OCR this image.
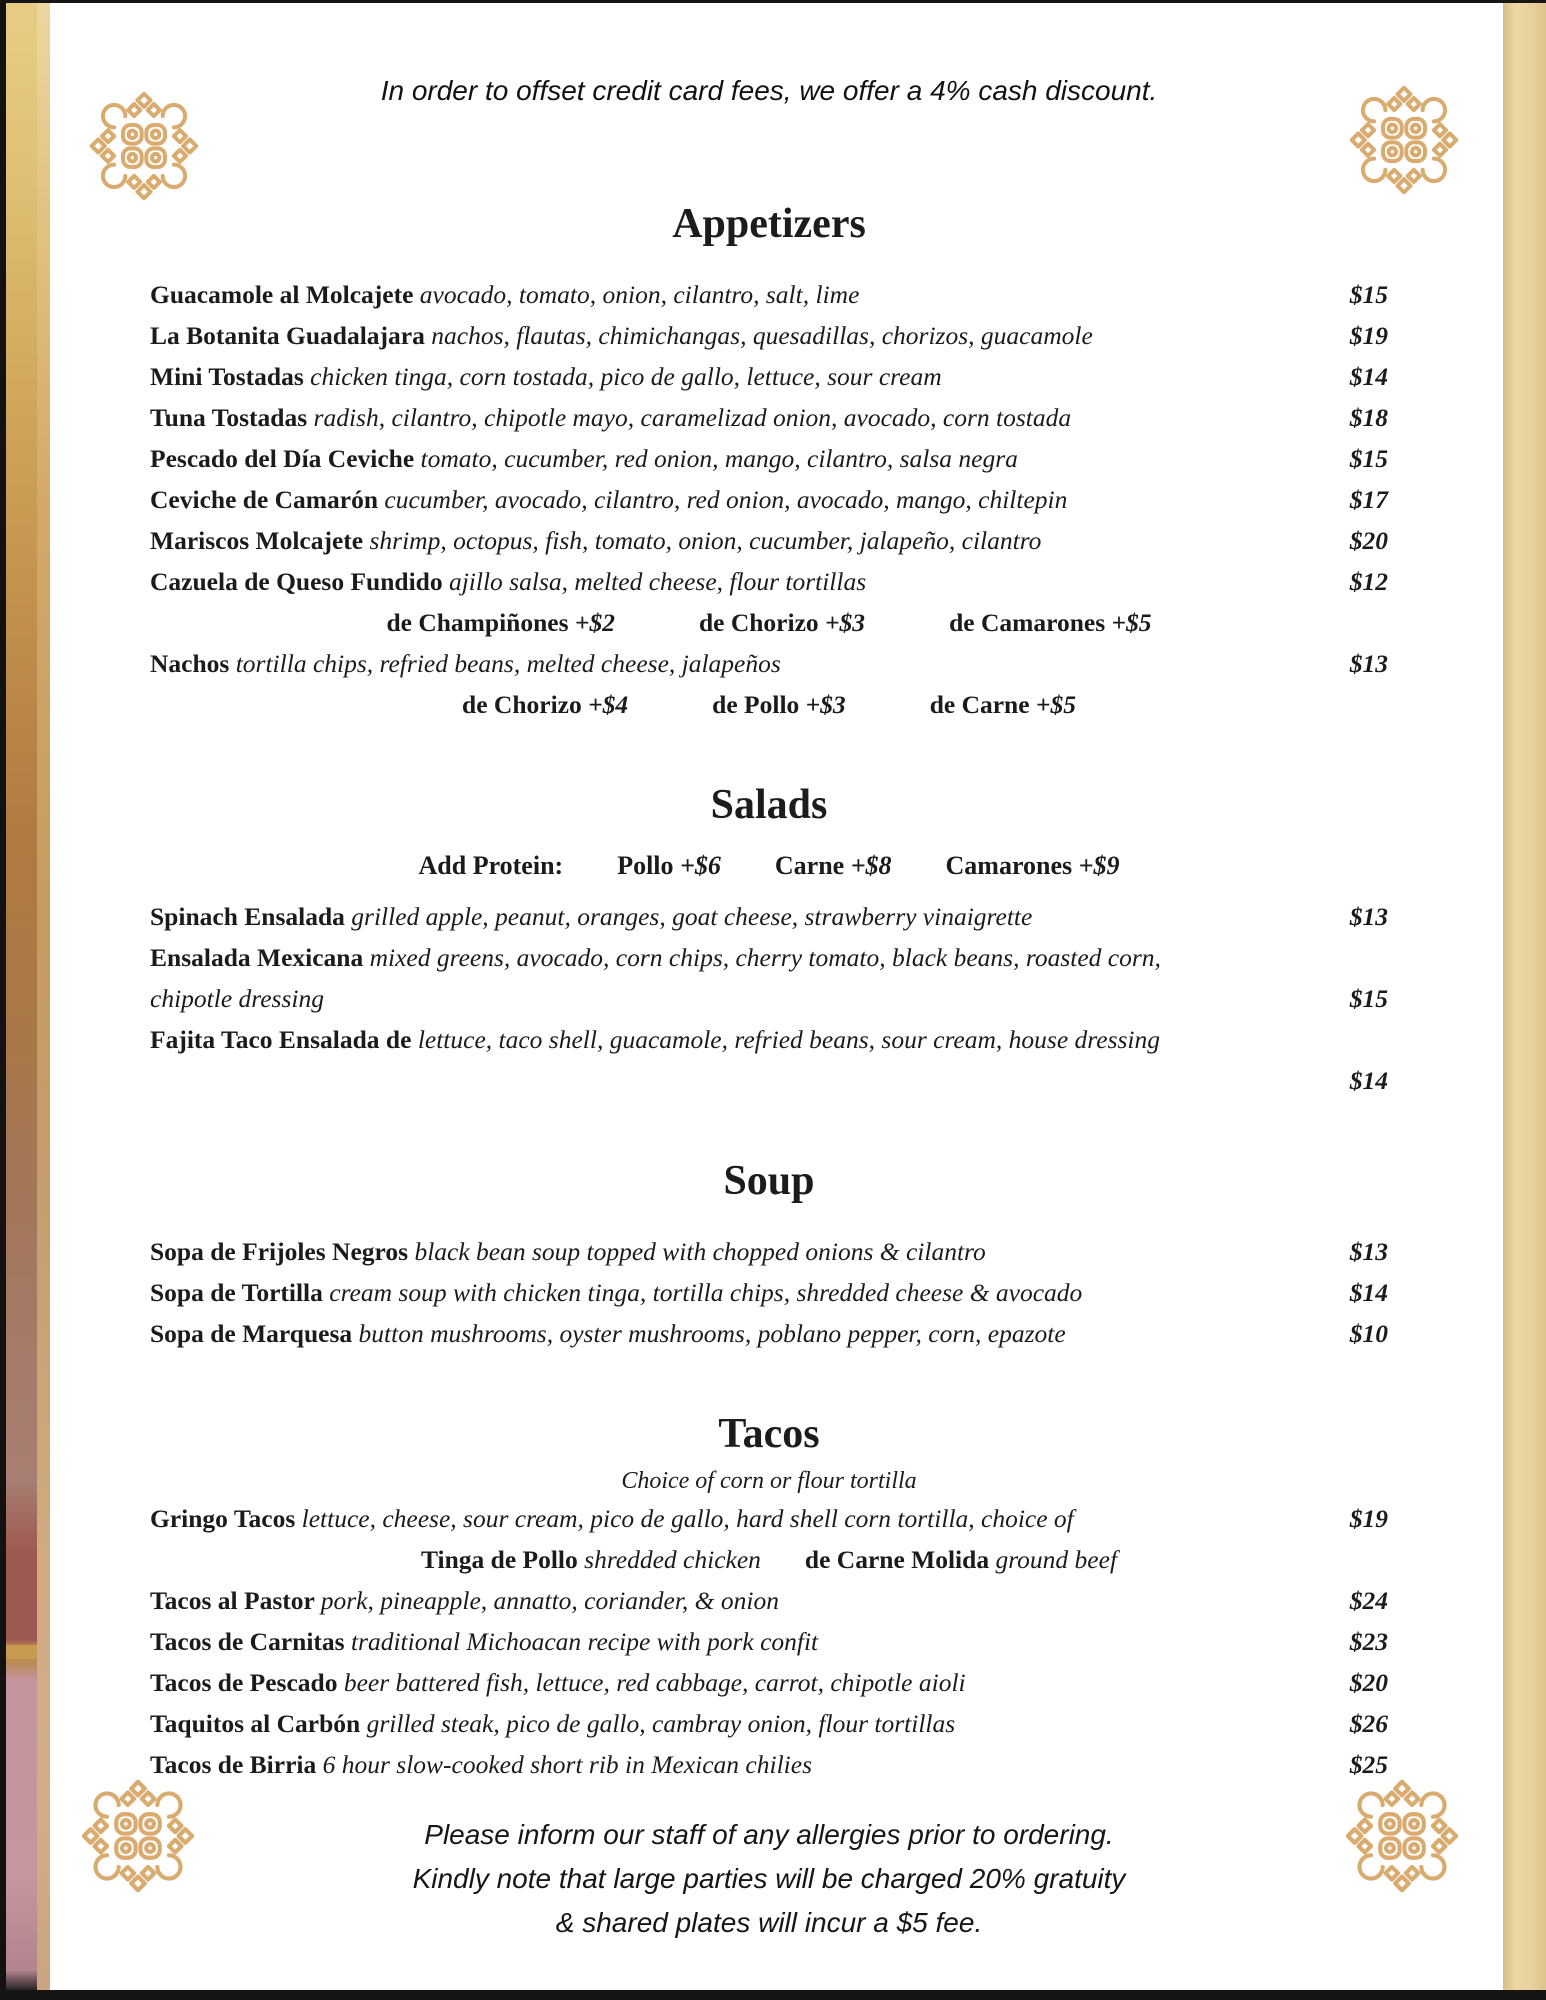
In order to offset credit card fees, we offer a 4% cash discount.

Appetizers
Guacamole al Molcajete avocado, tomato, onion, cilantro, salt, lime	$15
La Botanita Guadalajara nachos, flautas, chimichangas, quesadillas, chorizos, guacamole	$19
Mini Tostadas chicken tinga, corn tostada, pico de gallo, lettuce, sour cream	$14
Tuna Tostadas radish, cilantro, chipotle mayo, caramelizad onion, avocado, corn tostada	$18
Pescado del Día Ceviche tomato, cucumber, red onion, mango, cilantro, salsa negra	$15
Ceviche de Camarón cucumber, avocado, cilantro, red onion, avocado, mango, chiltepin	$17
Mariscos Molcajete shrimp, octopus, fish, tomato, onion, cucumber, jalapeño, cilantro	$20
Cazuela de Queso Fundido ajillo salsa, melted cheese, flour tortillas	$12
de Champiñones +$2	de Chorizo +$3	de Camarones +$5
Nachos tortilla chips, refried beans, melted cheese, jalapeños	$13
de Chorizo +$4	de Pollo +$3	de Carne +$5
Salads
Add Protein: Pollo +$6 Carne +$8 Camarones +$9
Spinach Ensalada grilled apple, peanut, oranges, goat cheese, strawberry vinaigrette	$13
Ensalada Mexicana mixed greens, avocado, corn chips, cherry tomato, black beans, roasted corn,
chipotle dressing	$15
Fajita Taco Ensalada de lettuce, taco shell, guacamole, refried beans, sour cream, house dressing
$14
Soup
Sopa de Frijoles Negros black bean soup topped with chopped onions & cilantro	$13
Sopa de Tortilla cream soup with chicken tinga, tortilla chips, shredded cheese & avocado	$14
Sopa de Marquesa button mushrooms, oyster mushrooms, poblano pepper, corn, epazote	$10
Tacos

Choice of corn or flour tortilla

Gringo Tacos lettuce, cheese, sour cream, pico de gallo, hard shell corn tortilla, choice of	$19
Tinga de Pollo shredded chicken de Carne Molida ground beef
Tacos al Pastor pork, pineapple, annatto, coriander, & onion	$24
Tacos de Carnitas traditional Michoacan recipe with pork confit	$23
Tacos de Pescado beer battered fish, lettuce, red cabbage, carrot, chipotle aioli	$20
Taquitos al Carbón grilled steak, pico de gallo, cambray onion, flour tortillas	$26
Tacos de Birria 6 hour slow-cooked short rib in Mexican chilies	$25
Please inform our staff of any allergies prior to ordering.
Kindly note that large parties will be charged 20% gratuity
& shared plates will incur a $5 fee.
